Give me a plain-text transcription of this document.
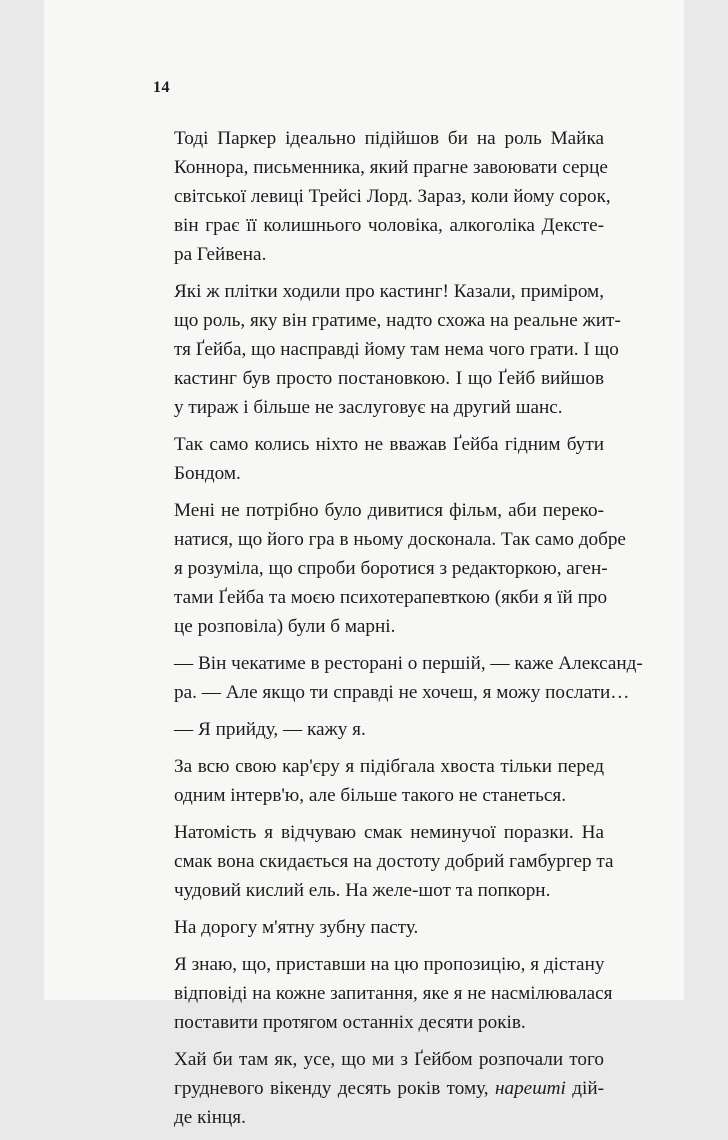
14
Тоді Паркер ідеально підійшов би на роль Майка
Коннора, письменника, який прагне завоювати серце
світської левиці Трейсі Лорд. Зараз, коли йому сорок,
він грає її колишнього чоловіка, алкоголіка Декстe-
ра Гейвена.
Які ж плітки ходили про кастинг! Казали, приміром,
що роль, яку він гратиме, надто схожа на реальне жит-
тя Ґейба, що насправді йому там нема чого грати. І що
кастинг був просто постановкою. І що Ґейб вийшов
у тираж і більше не заслуговує на другий шанс.
Так само колись ніхто не вважав Ґейба гідним бути
Бондом.
Мені не потрібно було дивитися фільм, аби переко-
натися, що його гра в ньому досконала. Так само добре
я розуміла, що спроби боротися з редакторкою, аген-
тами Ґейба та моєю психотерапевткою (якби я їй про
це розповіла) були б марні.
— Він чекатиме в ресторані о першій, — каже Александ-
ра. — Але якщо ти справді не хочеш, я можу послати…
— Я прийду, — кажу я.
За всю свою кар'єру я підібгала хвоста тільки перед
одним інтерв'ю, але більше такого не станеться.
Натомість я відчуваю смак неминучої поразки. На
смак вона скидається на достоту добрий гамбургер та
чудовий кислий ель. На желе-шот та попкорн.
На дорогу м'ятну зубну пасту.
Я знаю, що, приставши на цю пропозицію, я дістану
відповіді на кожне запитання, яке я не насмілювалася
поставити протягом останніх десяти років.
Хай би там як, усе, що ми з Ґейбом розпочали того
грудневого вікенду десять років тому, нарешті дій-
де кінця.
